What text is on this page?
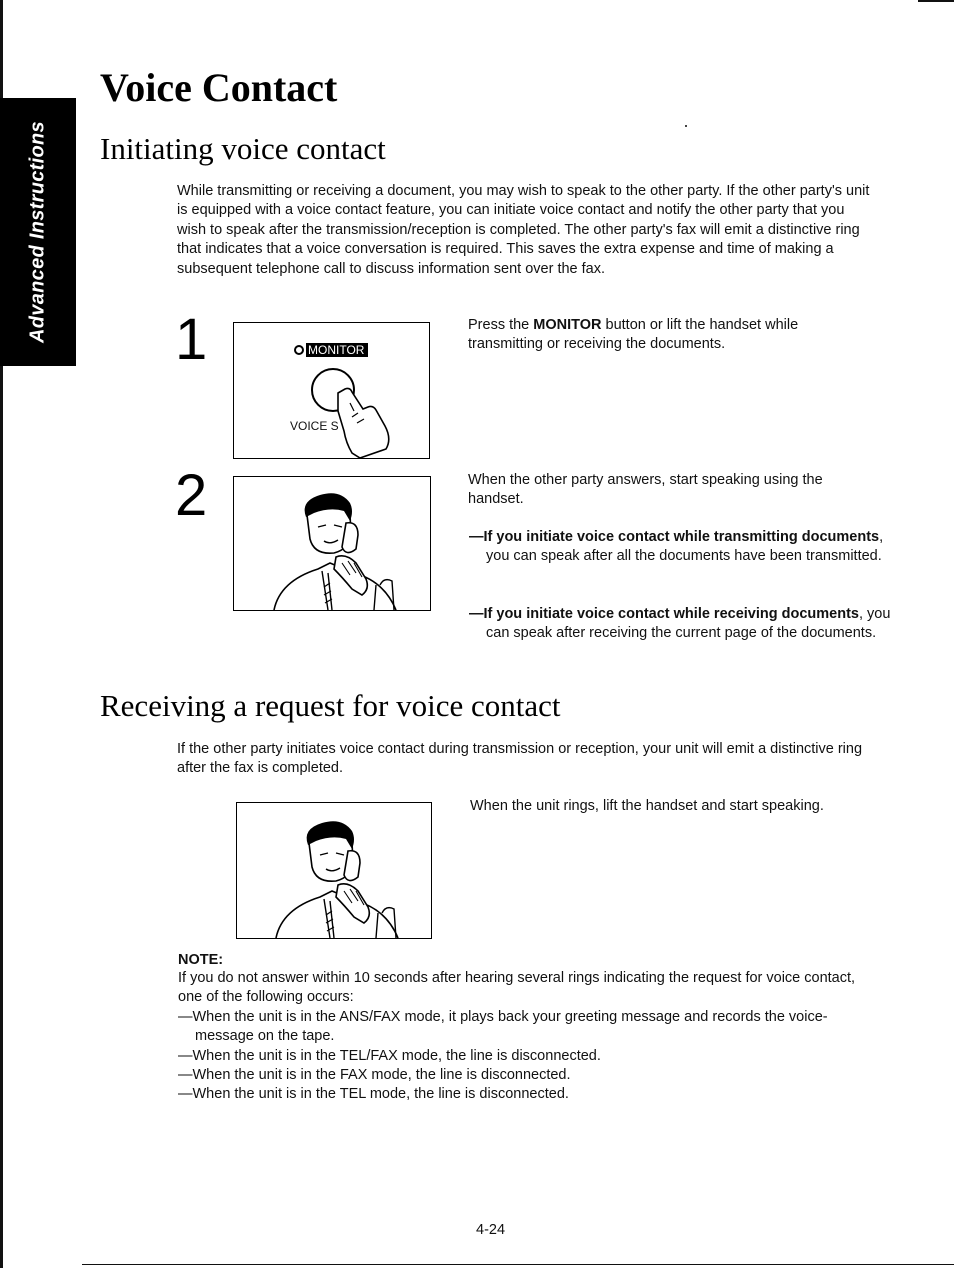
Advanced Instructions
Voice Contact
Initiating voice contact

While transmitting or receiving a document, you may wish to speak to the other party. If the other party's unit is equipped with a voice contact feature, you can initiate voice contact and notify the other party that you wish to speak after the transmission/reception is completed. The other party's fax will emit a distinctive ring that indicates that a voice conversation is required. This saves the extra expense and time of making a subsequent telephone call to discuss information sent over the fax.

1	MONITOR
VOICE S

Press the MONITOR button or lift the handset while transmitting or receiving the documents.

2	When the other party answers, start speaking using the handset.

—If you initiate voice contact while transmitting documents, you can speak after all the documents have been transmitted.

—If you initiate voice contact while receiving documents, you can speak after receiving the current page of the documents.

Receiving a request for voice contact

If the other party initiates voice contact during transmission or reception, your unit will emit a distinctive ring after the fax is completed.

When the unit rings, lift the handset and start speaking.

NOTE:

If you do not answer within 10 seconds after hearing several rings indicating the request for voice contact, one of the following occurs:
—When the unit is in the ANS/FAX mode, it plays back your greeting message and records the voice-message on the tape.
—When the unit is in the TEL/FAX mode, the line is disconnected.
—When the unit is in the FAX mode, the line is disconnected.
—When the unit is in the TEL mode, the line is disconnected.

4-24
